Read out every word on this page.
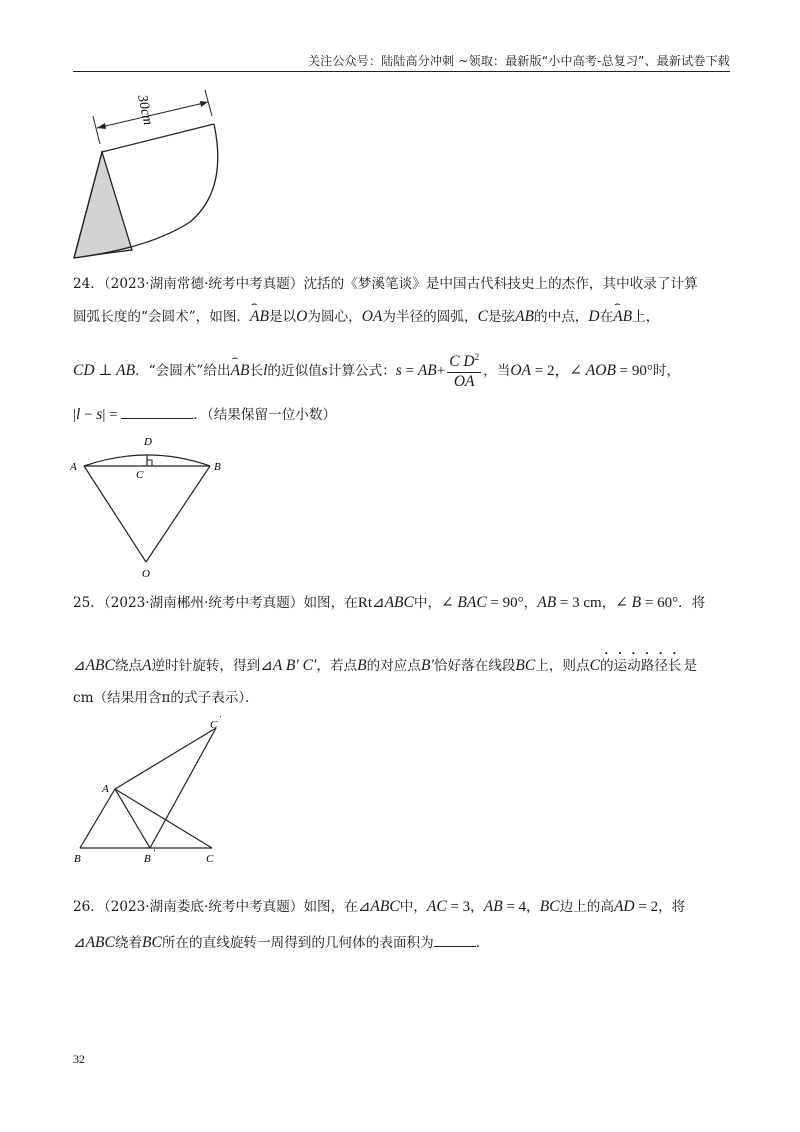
关注公众号：陆陆高分冲刺 ~领取：最新版“小中高考-总复习”、最新试卷下载
30cm
24．（2023·湖南常德·统考中考真题）沈括的《梦溪笔谈》是中国古代科技史上的杰作，其中收录了计算
圆弧长度的“会圆术”，如图．⌢ AB是以O为圆心，OA为半径的圆弧，C是弦AB的中点，D在⌢ AB上，
CD ⊥ AB．“会圆术”给出⌢ AB长l的近似值s计算公式：$s = AB+ \frac{C D^2}{OA}$ ，当OA = 2，∠ AOB = 90°时，
|l − s| =	．（结果保留一位小数）
A	B
C
D
O
25．（2023·湖南郴州·统考中考真题）如图，在Rt⊿ABC中，∠ BAC = 90°，AB = 3 cm，∠ B = 60°．将
⊿ABC绕点A逆时针旋转，得到⊿A B′ C′，若点B的对应点B′恰好落在线段BC上，则点C的运动路径长 是
cm（结果用含π的式子表示）．
A
B	C
B ′
C ′
26．（2023·湖南娄底·统考中考真题）如图，在⊿ABC中，AC = 3，AB = 4，BC边上的高AD = 2，将
⊿ABC绕着BC所在的直线旋转一周得到的几何体的表面积为	．
32
